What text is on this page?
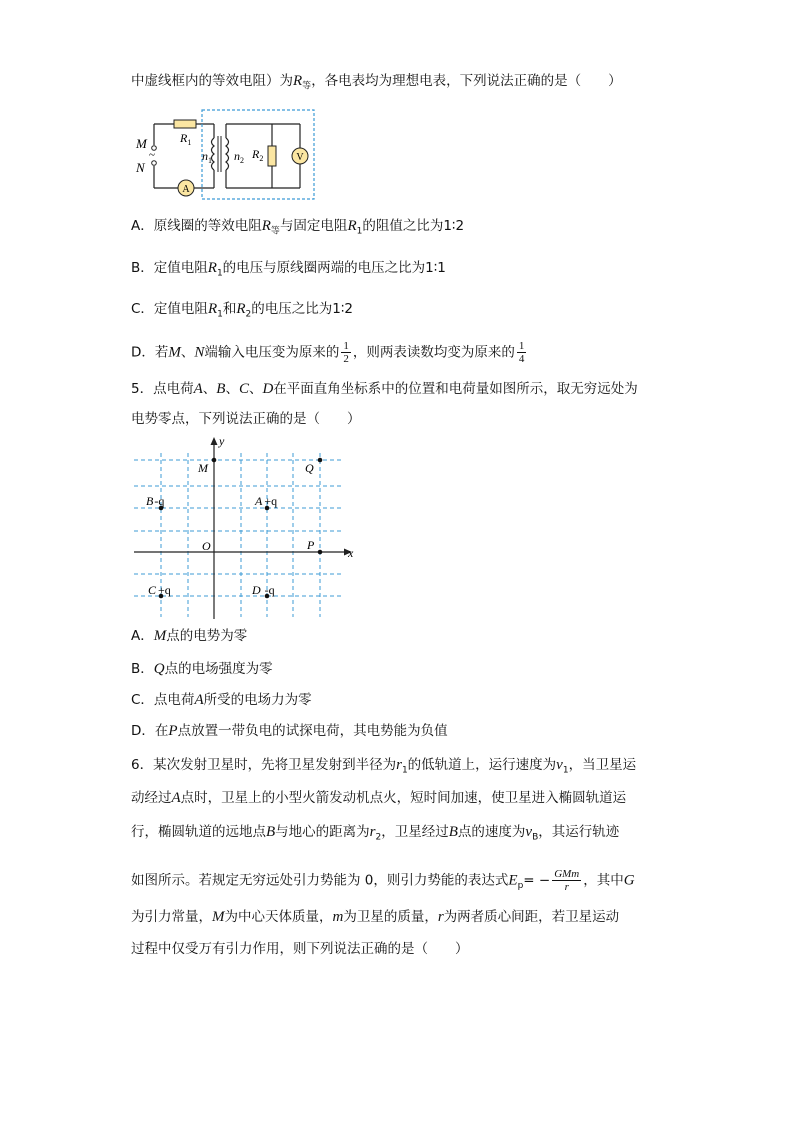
中虚线框内的等效电阻）为$R_等$，各电表均为理想电表，下列说法正确的是（　　）
A
V
M
~
N
$R_1$
$n_1$ $n_2$ $R_2$
A．原线圈的等效电阻$R_等$与固定电阻$R_1$的阻值之比为1∶2
B．定值电阻$R_1$的电压与原线圈两端的电压之比为1∶1
C．定值电阻$R_1$和$R_2$的电压之比为1∶2
D．若M、N端输入电压变为原来的 $\frac{1}{2}$ ，则两表读数均变为原来的 $\frac{1}{4}$
5．点电荷A、B、C、D在平面直角坐标系中的位置和电荷量如图所示，取无穷远处为
电势零点，下列说法正确的是（　　）
y
x
O
M	Q
P
A +q
B-q
C +q	D -q
A．M点的电势为零
B．Q点的电场强度为零
C．点电荷A所受的电场力为零
D．在P点放置一带负电的试探电荷，其电势能为负值
6．某次发射卫星时，先将卫星发射到半径为$r_1$的低轨道上，运行速度为$v_1$，当卫星运
动经过A点时，卫星上的小型火箭发动机点火，短时间加速，使卫星进入椭圆轨道运
行，椭圆轨道的远地点B与地心的距离为$r_2$，卫星经过B点的速度为$v_B$，其运行轨迹
如图所示。若规定无穷远处引力势能为 0，则引力势能的表达式$E_p= - \frac{\text{GMm}}{r}$ ，其中G
为引力常量，M为中心天体质量，m为卫星的质量，r为两者质心间距，若卫星运动
过程中仅受万有引力作用，则下列说法正确的是（　　）
